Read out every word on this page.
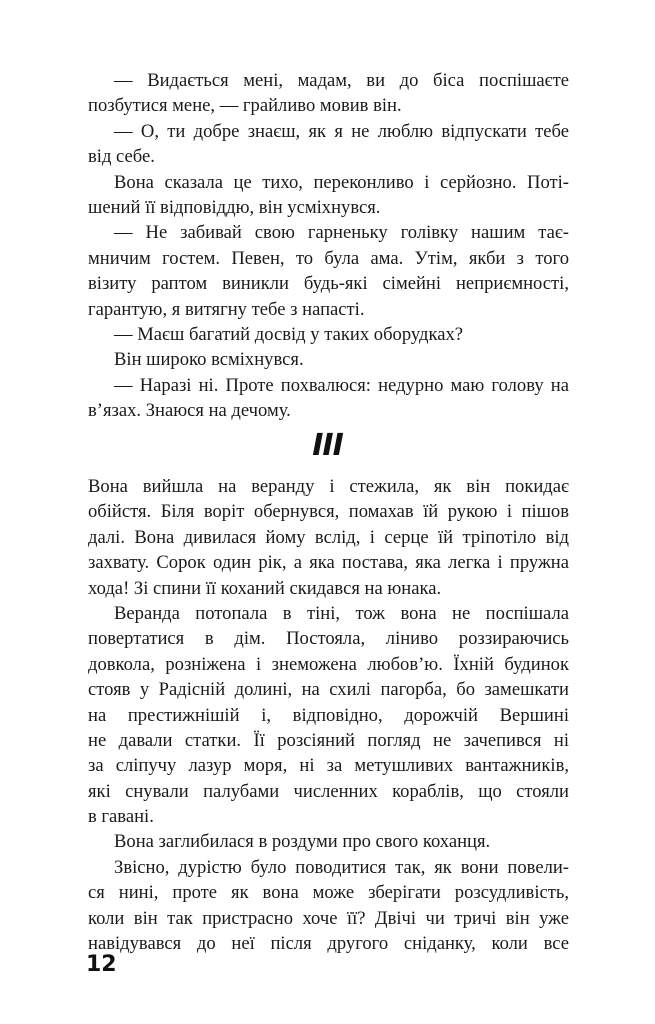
— Видається мені, мадам, ви до біса поспішаєте
позбутися мене, — грайливо мовив він.
— О, ти добре знаєш, як я не люблю відпускати тебе
від себе.
Вона сказала це тихо, переконливо і серйозно. Поті-
шений її відповіддю, він усміхнувся.
— Не забивай свою гарненьку голівку нашим тає-
мничим гостем. Певен, то була ама. Утім, якби з того
візиту раптом виникли будь-які сімейні неприємності,
гарантую, я витягну тебе з напасті.
— Маєш багатий досвід у таких оборудках?
Він широко всміхнувся.
— Наразі ні. Проте похвалюся: недурно маю голову на
в’язах. Знаюся на дечому.
III
Вона вийшла на веранду і стежила, як він покидає
обійстя. Біля воріт обернувся, помахав їй рукою і пішов
далі. Вона дивилася йому вслід, і серце їй тріпотіло від
захвату. Сорок один рік, а яка постава, яка легка і пружна
хода! Зі спини її коханий скидався на юнака.
Веранда потопала в тіні, тож вона не поспішала
повертатися в дім. Постояла, ліниво роззираючись
довкола, розніжена і знеможена любов’ю. Їхній будинок
стояв у Радісній долині, на схилі пагорба, бо замешкати
на престижнішій і, відповідно, дорожчій Вершині
не давали статки. Її розсіяний погляд не зачепився ні
за сліпучу лазур моря, ні за метушливих вантажників,
які снували палубами численних кораблів, що стояли
в гавані.
Вона заглибилася в роздуми про свого коханця.
Звісно, дурістю було поводитися так, як вони повели-
ся нині, проте як вона може зберігати розсудливість,
коли він так пристрасно хоче її? Двічі чи тричі він уже
навідувався до неї після другого сніданку, коли все
12
